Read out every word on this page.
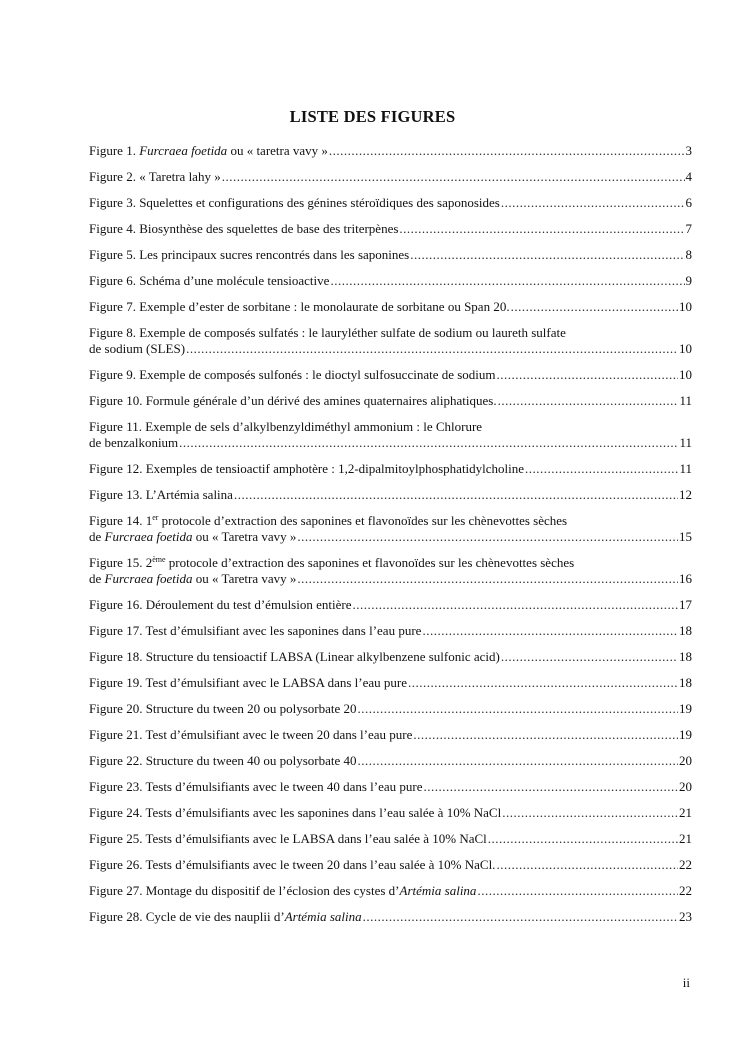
LISTE DES FIGURES
Figure 1. Furcraea foetida ou « taretra vavy » .....	3
Figure 2. « Taretra lahy » .....	4
Figure 3. Squelettes et configurations des génines stéroïdiques des saponosides .....	6
Figure 4. Biosynthèse des squelettes de base des triterpènes .....	7
Figure 5. Les principaux sucres rencontrés dans les saponines .....	8
Figure 6. Schéma d’une molécule tensioactive .....	9
Figure 7. Exemple d’ester de sorbitane : le monolaurate de sorbitane ou Span 20. .....	10
Figure 8. Exemple de composés sulfatés : le lauryléther sulfate de sodium ou laureth sulfate
de sodium (SLES) .....	10
Figure 9. Exemple de composés sulfonés : le dioctyl sulfosuccinate de sodium .....	10
Figure 10. Formule générale d’un dérivé des amines quaternaires aliphatiques. .....	11
Figure 11. Exemple de sels d’alkylbenzyldiméthyl ammonium : le Chlorure
de benzalkonium .....	11
Figure 12. Exemples de tensioactif amphotère : 1,2-dipalmitoylphosphatidylcholine .....	11
Figure 13. L’Artémia salina .....	12
Figure 14. 1er protocole d’extraction des saponines et flavonoïdes sur les chènevottes sèches
de Furcraea foetida ou « Taretra vavy » .....	15
Figure 15. 2ème protocole d’extraction des saponines et flavonoïdes sur les chènevottes sèches
de Furcraea foetida ou « Taretra vavy » .....	16
Figure 16. Déroulement du test d’émulsion entière .....	17
Figure 17. Test d’émulsifiant avec les saponines dans l’eau pure .....	18
Figure 18. Structure du tensioactif LABSA (Linear alkylbenzene sulfonic acid) .....	18
Figure 19. Test d’émulsifiant avec le LABSA dans l’eau pure .....	18
Figure 20. Structure du tween 20 ou polysorbate 20 .....	19
Figure 21. Test d’émulsifiant avec le tween 20 dans l’eau pure .....	19
Figure 22. Structure du tween 40 ou polysorbate 40 .....	20
Figure 23. Tests d’émulsifiants avec le tween 40 dans l’eau pure .....	20
Figure 24. Tests d’émulsifiants avec les saponines dans l’eau salée à 10% NaCl .....	21
Figure 25. Tests d’émulsifiants avec le LABSA dans l’eau salée à 10% NaCl .....	21
Figure 26. Tests d’émulsifiants avec le tween 20 dans l’eau salée à 10% NaCl. .....	22
Figure 27. Montage du dispositif de l’éclosion des cystes d’Artémia salina .....	22
Figure 28. Cycle de vie des nauplii d’Artémia salina .....	23
ii
